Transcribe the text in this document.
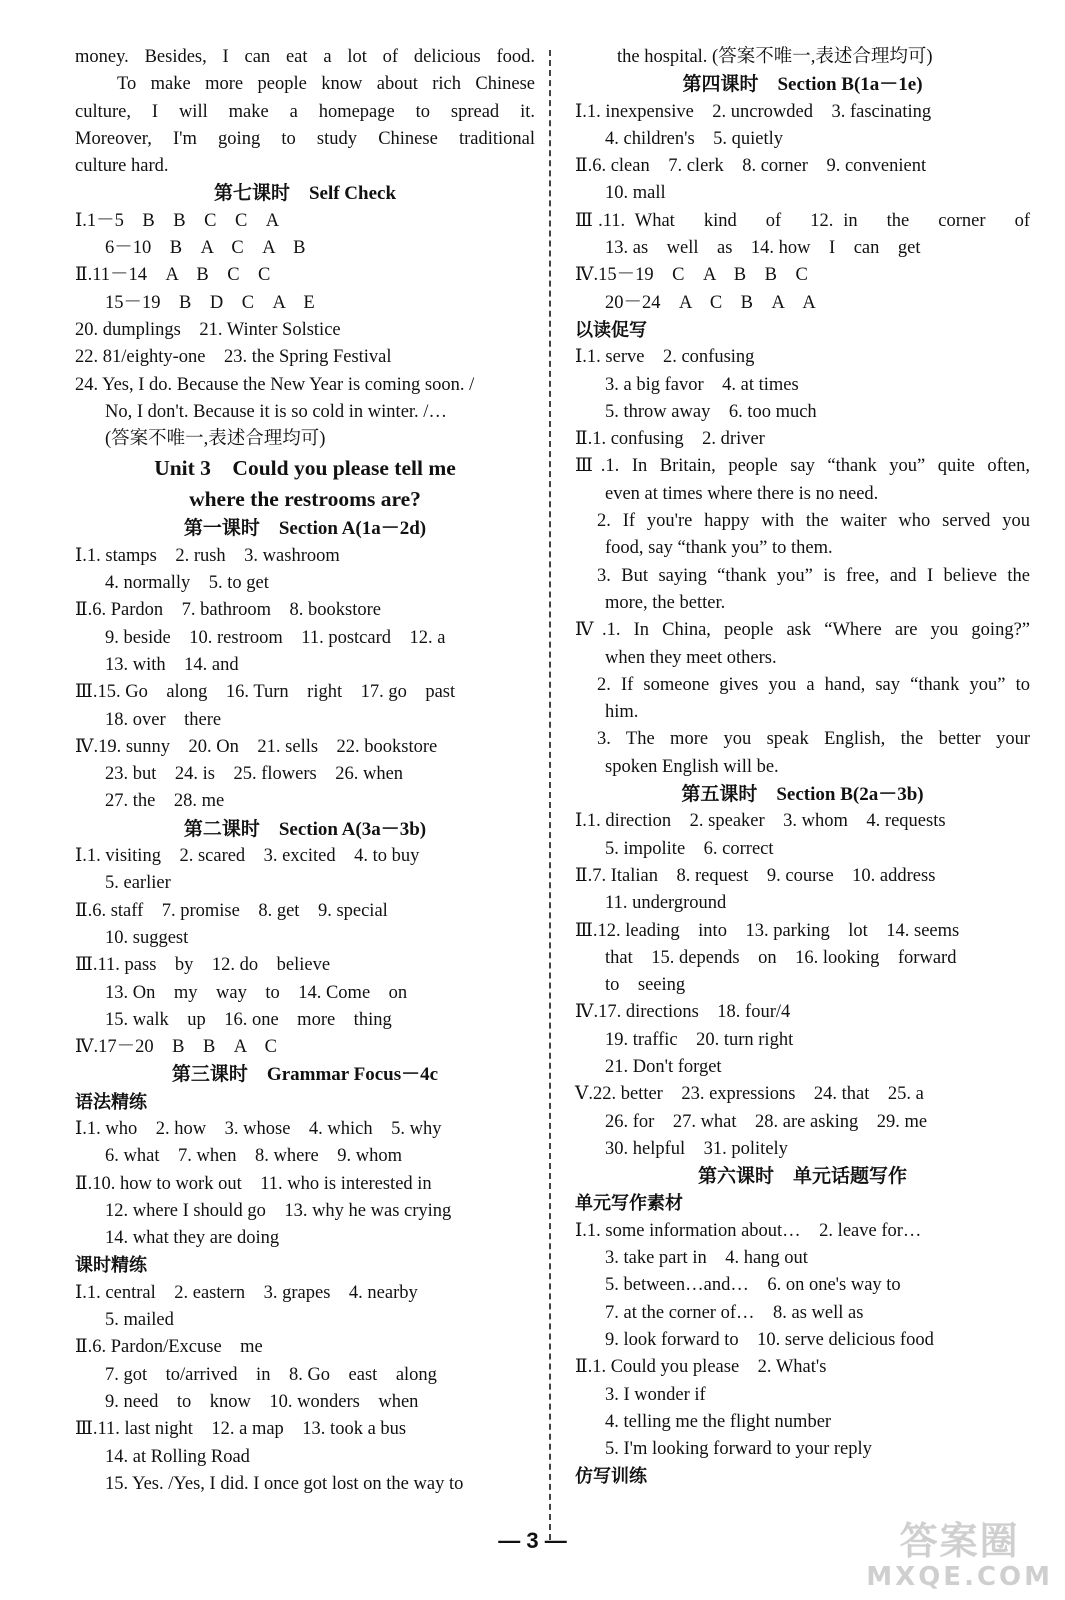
money. Besides, I can eat a lot of delicious food.
To make more people know about rich Chinese
culture, I will make a homepage to spread it.
Moreover, I'm going to study Chinese traditional
culture hard.
第七课时　Self Check
Ⅰ.1－5　B　B　C　C　A
6－10　B　A　C　A　B
Ⅱ.11－14　A　B　C　C
15－19　B　D　C　A　E
20. dumplings　21. Winter Solstice
22. 81/eighty-one　23. the Spring Festival
24. Yes, I do. Because the New Year is coming soon. /
No, I don't. Because it is so cold in winter. /…
(答案不唯一,表述合理均可)
Unit 3　Could you please tell me
where the restrooms are?
第一课时　Section A(1a－2d)
Ⅰ.1. stamps　2. rush　3. washroom
4. normally　5. to get
Ⅱ.6. Pardon　7. bathroom　8. bookstore
9. beside　10. restroom　11. postcard　12. a
13. with　14. and
Ⅲ.15. Go　along　16. Turn　right　17. go　past
18. over　there
Ⅳ.19. sunny　20. On　21. sells　22. bookstore
23. but　24. is　25. flowers　26. when
27. the　28. me
第二课时　Section A(3a－3b)
Ⅰ.1. visiting　2. scared　3. excited　4. to buy
5. earlier
Ⅱ.6. staff　7. promise　8. get　9. special
10. suggest
Ⅲ.11. pass　by　12. do　believe
13. On　my　way　to　14. Come　on
15. walk　up　16. one　more　thing
Ⅳ.17－20　B　B　A　C
第三课时　Grammar Focus－4c
语法精练
Ⅰ.1. who　2. how　3. whose　4. which　5. why
6. what　7. when　8. where　9. whom
Ⅱ.10. how to work out　11. who is interested in
12. where I should go　13. why he was crying
14. what they are doing
课时精练
Ⅰ.1. central　2. eastern　3. grapes　4. nearby
5. mailed
Ⅱ.6. Pardon/Excuse　me
7. got　to/arrived　in　8. Go　east　along
9. need　to　know　10. wonders　when
Ⅲ.11. last night　12. a map　13. took a bus
14. at Rolling Road
15. Yes. /Yes, I did. I once got lost on the way to
the hospital. (答案不唯一,表述合理均可)
第四课时　Section B(1a－1e)
Ⅰ.1. inexpensive　2. uncrowded　3. fascinating
4. children's　5. quietly
Ⅱ.6. clean　7. clerk　8. corner　9. convenient
10. mall
Ⅲ.11. What　kind　of　12. in　the　corner　of
13. as　well　as　14. how　I　can　get
Ⅳ.15－19　C　A　B　B　C
20－24　A　C　B　A　A
以读促写
Ⅰ.1. serve　2. confusing
3. a big favor　4. at times
5. throw away　6. too much
Ⅱ.1. confusing　2. driver
Ⅲ.1. In Britain, people say “thank you” quite often,
even at times where there is no need.
2. If you're happy with the waiter who served you
food, say “thank you” to them.
3. But saying “thank you” is free, and I believe the
more, the better.
Ⅳ.1. In China, people ask “Where are you going?”
when they meet others.
2. If someone gives you a hand, say “thank you” to
him.
3. The more you speak English, the better your
spoken English will be.
第五课时　Section B(2a－3b)
Ⅰ.1. direction　2. speaker　3. whom　4. requests
5. impolite　6. correct
Ⅱ.7. Italian　8. request　9. course　10. address
11. underground
Ⅲ.12. leading　into　13. parking　lot　14. seems
that　15. depends　on　16. looking　forward
to　seeing
Ⅳ.17. directions　18. four/4
19. traffic　20. turn right
21. Don't forget
Ⅴ.22. better　23. expressions　24. that　25. a
26. for　27. what　28. are asking　29. me
30. helpful　31. politely
第六课时　单元话题写作
单元写作素材
Ⅰ.1. some information about…　2. leave for…
3. take part in　4. hang out
5. between…and…　6. on one's way to
7. at the corner of…　8. as well as
9. look forward to　10. serve delicious food
Ⅱ.1. Could you please　2. What's
3. I wonder if
4. telling me the flight number
5. I'm looking forward to your reply
仿写训练
— 3 —	答案圈
MXQE.COM
